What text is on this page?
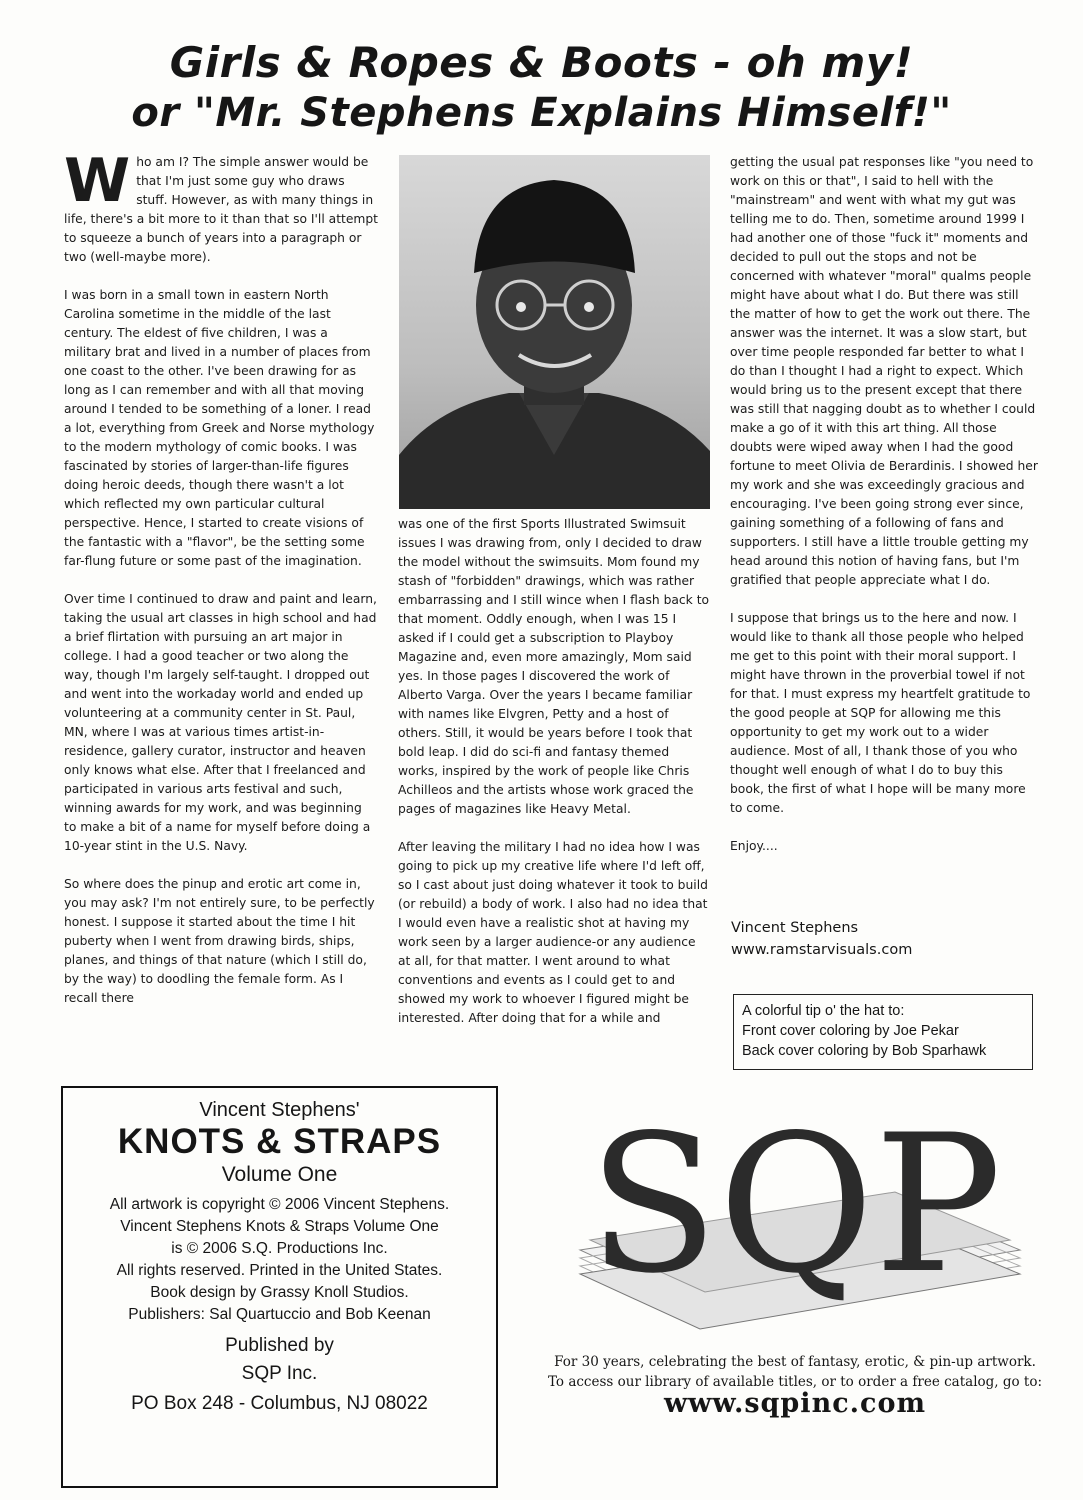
Girls & Ropes & Boots - oh my!
or "Mr. Stephens Explains Himself!"

Who am I? The simple answer would be that I'm just some guy who draws stuff. However, as with many things in life, there's a bit more to it than that so I'll attempt to squeeze a bunch of years into a paragraph or two (well-maybe more).

I was born in a small town in eastern North Carolina sometime in the middle of the last century. The eldest of five children, I was a military brat and lived in a number of places from one coast to the other. I've been drawing for as long as I can remember and with all that moving around I tended to be something of a loner. I read a lot, everything from Greek and Norse mythology to the modern mythology of comic books. I was fascinated by stories of larger-than-life figures doing heroic deeds, though there wasn't a lot which reflected my own particular cultural perspective. Hence, I started to create visions of the fantastic with a "flavor", be the setting some far-flung future or some past of the imagination.

Over time I continued to draw and paint and learn, taking the usual art classes in high school and had a brief flirtation with pursuing an art major in college. I had a good teacher or two along the way, though I'm largely self-taught. I dropped out and went into the workaday world and ended up volunteering at a community center in St. Paul, MN, where I was at various times artist-in-residence, gallery curator, instructor and heaven only knows what else. After that I freelanced and participated in various arts festival and such, winning awards for my work, and was beginning to make a bit of a name for myself before doing a 10-year stint in the U.S. Navy.

So where does the pinup and erotic art come in, you may ask? I'm not entirely sure, to be perfectly honest. I suppose it started about the time I hit puberty when I went from drawing birds, ships, planes, and things of that nature (which I still do, by the way) to doodling the female form. As I recall there

was one of the first Sports Illustrated Swimsuit issues I was drawing from, only I decided to draw the model without the swimsuits. Mom found my stash of "forbidden" drawings, which was rather embarrassing and I still wince when I flash back to that moment. Oddly enough, when I was 15 I asked if I could get a subscription to Playboy Magazine and, even more amazingly, Mom said yes. In those pages I discovered the work of Alberto Varga. Over the years I became familiar with names like Elvgren, Petty and a host of others. Still, it would be years before I took that bold leap. I did do sci-fi and fantasy themed works, inspired by the work of people like Chris Achilleos and the artists whose work graced the pages of magazines like Heavy Metal.

After leaving the military I had no idea how I was going to pick up my creative life where I'd left off, so I cast about just doing whatever it took to build (or rebuild) a body of work. I also had no idea that I would even have a realistic shot at having my work seen by a larger audience-or any audience at all, for that matter. I went around to what conventions and events as I could get to and showed my work to whoever I figured might be interested. After doing that for a while and

getting the usual pat responses like "you need to work on this or that", I said to hell with the "mainstream" and went with what my gut was telling me to do. Then, sometime around 1999 I had another one of those "fuck it" moments and decided to pull out the stops and not be concerned with whatever "moral" qualms people might have about what I do. But there was still the matter of how to get the work out there. The answer was the internet. It was a slow start, but over time people responded far better to what I do than I thought I had a right to expect. Which would bring us to the present except that there was still that nagging doubt as to whether I could make a go of it with this art thing. All those doubts were wiped away when I had the good fortune to meet Olivia de Berardinis. I showed her my work and she was exceedingly gracious and encouraging. I've been going strong ever since, gaining something of a following of fans and supporters. I still have a little trouble getting my head around this notion of having fans, but I'm gratified that people appreciate what I do.

I suppose that brings us to the here and now. I would like to thank all those people who helped me get to this point with their moral support. I might have thrown in the proverbial towel if not for that. I must express my heartfelt gratitude to the good people at SQP for allowing me this opportunity to get my work out to a wider audience. Most of all, I thank those of you who thought well enough of what I do to buy this book, the first of what I hope will be many more to come.

Enjoy....

Vincent Stephens
www.ramstarvisuals.com
A colorful tip o' the hat to:
Front cover coloring by Joe Pekar
Back cover coloring by Bob Sparhawk
Vincent Stephens'
KNOTS & STRAPS
Volume One
All artwork is copyright © 2006 Vincent Stephens.
Vincent Stephens Knots & Straps Volume One
is © 2006 S.Q. Productions Inc.
All rights reserved. Printed in the United States.
Book design by Grassy Knoll Studios.
Publishers: Sal Quartuccio and Bob Keenan
Published by
SQP Inc.
PO Box 248 - Columbus, NJ 08022
SQP
For 30 years, celebrating the best of fantasy, erotic, & pin-up artwork.
To access our library of available titles, or to order a free catalog, go to:
www.sqpinc.com
